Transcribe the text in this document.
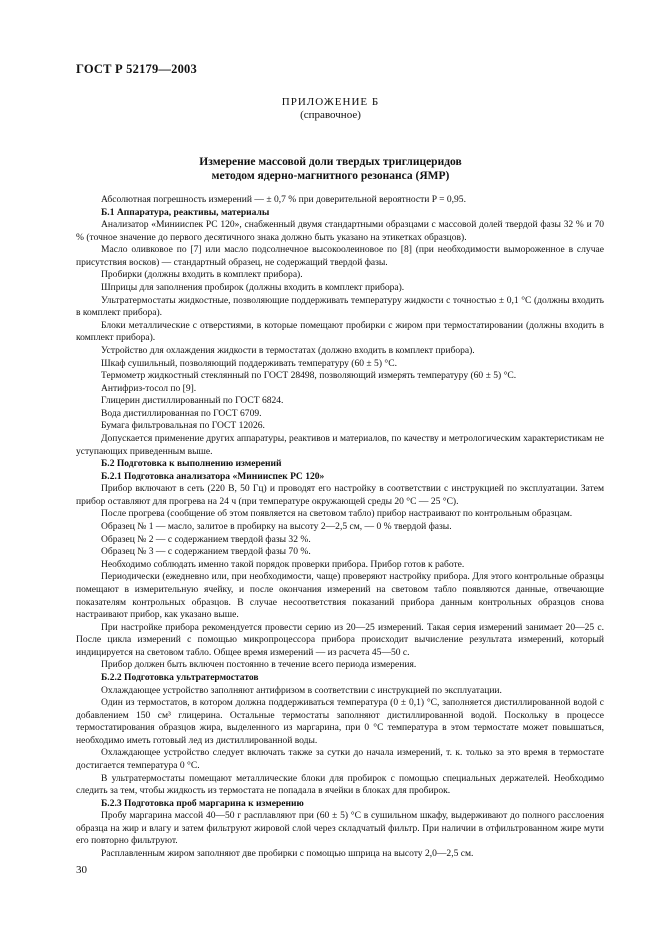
ГОСТ Р 52179—2003
ПРИЛОЖЕНИЕ Б
(справочное)
Измерение массовой доли твердых триглицеридов
методом ядерно-магнитного резонанса (ЯМР)

Абсолютная погрешность измерений — ± 0,7 % при доверительной вероятности P = 0,95.

Б.1 Аппаратура, реактивы, материалы

Анализатор «Минииспек PC 120», снабженный двумя стандартными образцами с массовой долей твердой фазы 32 % и 70 % (точное значение до первого десятичного знака должно быть указано на этикетках образцов).

Масло оливковое по [7] или масло подсолнечное высокоолеиновое по [8] (при необходимости вымороженное в случае присутствия восков) — стандартный образец, не содержащий твердой фазы.

Пробирки (должны входить в комплект прибора).

Шприцы для заполнения пробирок (должны входить в комплект прибора).

Ультратермостаты жидкостные, позволяющие поддерживать температуру жидкости с точностью ± 0,1 °С (должны входить в комплект прибора).

Блоки металлические с отверстиями, в которые помещают пробирки с жиром при термостатировании (должны входить в комплект прибора).

Устройство для охлаждения жидкости в термостатах (должно входить в комплект прибора).

Шкаф сушильный, позволяющий поддерживать температуру (60 ± 5) °С.

Термометр жидкостный стеклянный по ГОСТ 28498, позволяющий измерять температуру (60 ± 5) °С.

Антифриз-тосол по [9].

Глицерин дистиллированный по ГОСТ 6824.

Вода дистиллированная по ГОСТ 6709.

Бумага фильтровальная по ГОСТ 12026.

Допускается применение других аппаратуры, реактивов и материалов, по качеству и метрологическим характеристикам не уступающих приведенным выше.

Б.2 Подготовка к выполнению измерений

Б.2.1 Подготовка анализатора «Минииспек PC 120»

Прибор включают в сеть (220 В, 50 Гц) и проводят его настройку в соответствии с инструкцией по эксплуатации. Затем прибор оставляют для прогрева на 24 ч (при температуре окружающей среды 20 °С — 25 °С).

После прогрева (сообщение об этом появляется на световом табло) прибор настраивают по контрольным образцам.

Образец № 1 — масло, залитое в пробирку на высоту 2—2,5 см, — 0 % твердой фазы.

Образец № 2 — с содержанием твердой фазы 32 %.

Образец № 3 — с содержанием твердой фазы 70 %.

Необходимо соблюдать именно такой порядок проверки прибора. Прибор готов к работе.

Периодически (ежедневно или, при необходимости, чаще) проверяют настройку прибора. Для этого контрольные образцы помещают в измерительную ячейку, и после окончания измерений на световом табло появляются данные, отвечающие показателям контрольных образцов. В случае несоответствия показаний прибора данным контрольных образцов снова настраивают прибор, как указано выше.

При настройке прибора рекомендуется провести серию из 20—25 измерений. Такая серия измерений занимает 20—25 с. После цикла измерений с помощью микропроцессора прибора происходит вычисление результата измерений, который индицируется на световом табло. Общее время измерений — из расчета 45—50 с.

Прибор должен быть включен постоянно в течение всего периода измерения.

Б.2.2 Подготовка ультратермостатов

Охлаждающее устройство заполняют антифризом в соответствии с инструкцией по эксплуатации.

Один из термостатов, в котором должна поддерживаться температура (0 ± 0,1) °С, заполняется дистиллированной водой с добавлением 150 см³ глицерина. Остальные термостаты заполняют дистиллированной водой. Поскольку в процессе термостатирования образцов жира, выделенного из маргарина, при 0 °С температура в этом термостате может повышаться, необходимо иметь готовый лед из дистиллированной воды.

Охлаждающее устройство следует включать также за сутки до начала измерений, т. к. только за это время в термостате достигается температура 0 °С.

В ультратермостаты помещают металлические блоки для пробирок с помощью специальных держателей. Необходимо следить за тем, чтобы жидкость из термостата не попадала в ячейки в блоках для пробирок.

Б.2.3 Подготовка проб маргарина к измерению

Пробу маргарина массой 40—50 г расплавляют при (60 ± 5) °С в сушильном шкафу, выдерживают до полного расслоения образца на жир и влагу и затем фильтруют жировой слой через складчатый фильтр. При наличии в отфильтрованном жире мути его повторно фильтруют.

Расплавленным жиром заполняют две пробирки с помощью шприца на высоту 2,0—2,5 см.

30
